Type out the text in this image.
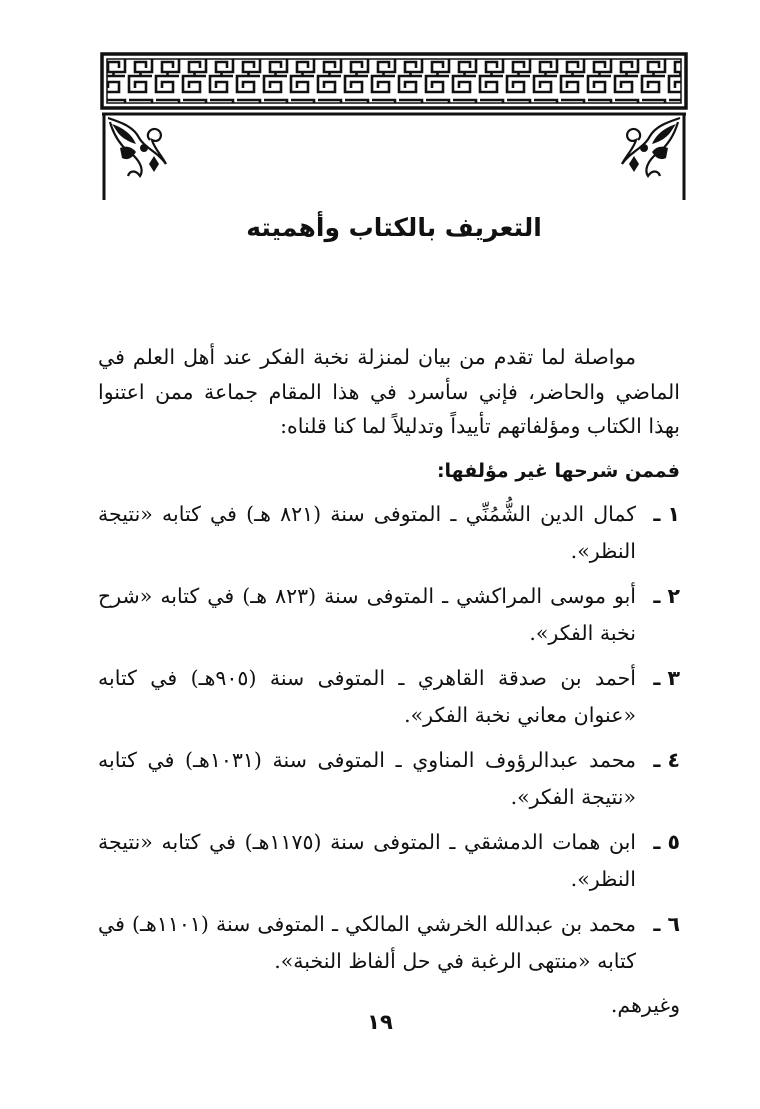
التعريف بالكتاب وأهميته

مواصلة لما تقدم من بيان لمنزلة نخبة الفكر عند أهل العلم في الماضي والحاضر، فإني سأسرد في هذا المقام جماعة ممن اعتنوا بهذا الكتاب ومؤلفاتهم تأييداً وتدليلاً لما كنا قلناه:

فممن شرحها غير مؤلفها:

١ ـ
كمال الدين الشُّمُنِّي ـ المتوفى سنة (٨٢١ هـ) في كتابه «نتيجة النظر».
٢ ـ
أبو موسى المراكشي ـ المتوفى سنة (٨٢٣ هـ) في كتابه «شرح نخبة الفكر».
٣ ـ
أحمد بن صدقة القاهري ـ المتوفى سنة (٩٠٥هـ) في كتابه «عنوان معاني نخبة الفكر».
٤ ـ
محمد عبدالرؤوف المناوي ـ المتوفى سنة (١٠٣١هـ) في كتابه «نتيجة الفكر».
٥ ـ
ابن همات الدمشقي ـ المتوفى سنة (١١٧٥هـ) في كتابه «نتيجة النظر».
٦ ـ
محمد بن عبدالله الخرشي المالكي ـ المتوفى سنة (١١٠١هـ) في كتابه «منتهى الرغبة في حل ألفاظ النخبة».

وغيرهم.

١٩
